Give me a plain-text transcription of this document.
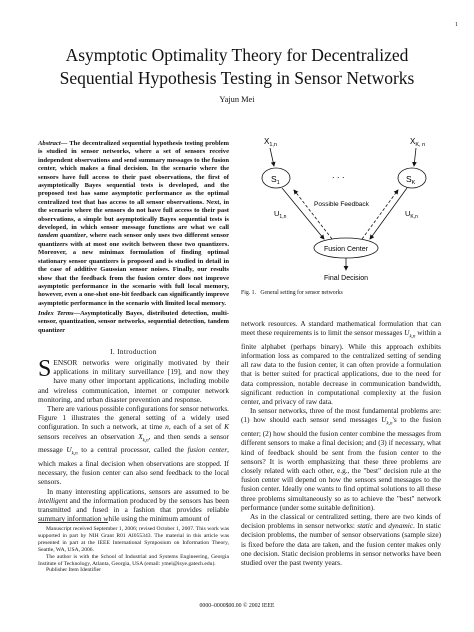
1
Asymptotic Optimality Theory for Decentralized
Sequential Hypothesis Testing in Sensor Networks
Yajun Mei
Abstract— The decentralized sequential hypothesis testing problem is studied in sensor networks, where a set of sensors receive independent observations and send summary messages to the fusion center, which makes a final decision. In the scenario where the sensors have full access to their past observations, the first of asymptotically Bayes sequential tests is developed, and the proposed test has same asymptotic performance as the optimal centralized test that has access to all sensor observations. Next, in the scenario where the sensors do not have full access to their past observations, a simple but asymptotically Bayes sequential tests is developed, in which sensor message functions are what we call tandem quantizer, where each sensor only uses two different sensor quantizers with at most one switch between these two quantizers. Moreover, a new minimax formulation of finding optimal stationary sensor quantizers is proposed and is studied in detail in the case of additive Gaussian sensor noises. Finally, our results show that the feedback from the fusion center does not improve asymptotic performance in the scenario with full local memory, however, even a one-shot one-bit feedback can significantly improve asymptotic performance in the scenario with limited local memory.
Index Terms—Asymptotically Bayes, distributed detection, multi-sensor, quantization, sensor networks, sequential detection, tandem quantizer
I. Introduction

SENSOR networks were originally motivated by their applications in military surveillance [19], and now they have many other important applications, including mobile and wireless communication, internet or computer network monitoring, and urban disaster prevention and response.

There are various possible configurations for sensor networks. Figure 1 illustrates the general setting of a widely used configuration. In such a network, at time n, each of a set of K sensors receives an observation $X_{k,n}$, and then sends a sensor message $U_{k,n}$ to a central processor, called the fusion center, which makes a final decision when observations are stopped. If necessary, the fusion center can also send feedback to the local sensors.

In many interesting applications, sensors are assumed to be intelligent and the information produced by the sensors has been transmitted and fused in a fashion that provides reliable summary information while using the minimum amount of

Manuscript received September 1, 2006; revised October 1, 2007. This work was supported in part by NIH Grant R01 AI055343. The material in this article was presented in part at the IEEE International Symposium on Information Theory, Seattle, WA, USA, 2006.

The author is with the School of Industrial and Systems Engineering, Georgia Institute of Technology, Atlanta, Georgia, USA (email: ymei@isye.gatech.edu).

Publisher Item Identifier

$X_{1,n}$	$X_{K, n}$
$S_1$	$S_K$
. . .
Possible Feedback
$U_{1,n}$	$U_{K,n}$
Fusion Center
Final Decision
Fig. 1. General setting for sensor networks

network resources. A standard mathematical formulation that can meet these requirements is to limit the sensor messages $U_{k,n}$ within a finite alphabet (perhaps binary). While this approach exhibits information loss as compared to the centralized setting of sending all raw data to the fusion center, it can often provide a formulation that is better suited for practical applications, due to the need for data compression, notable decrease in communication bandwidth, significant reduction in computational complexity at the fusion center, and privacy of raw data.

In sensor networks, three of the most fundamental problems are: (1) how should each sensor send messages $U_{k,n}'s$ to the fusion center; (2) how should the fusion center combine the messages from different sensors to make a final decision; and (3) if necessary, what kind of feedback should be sent from the fusion center to the sensors? It is worth emphasizing that these three problems are closely related with each other, e.g., the "best" decision rule at the fusion center will depend on how the sensors send messages to the fusion center. Ideally one wants to find optimal solutions to all these three problems simultaneously so as to achieve the "best" network performance (under some suitable definition).

As in the classical or centralized setting, there are two kinds of decision problems in sensor networks: static and dynamic. In static decision problems, the number of sensor observations (sample size) is fixed before the data are taken, and the fusion center makes only one decision. Static decision problems in sensor networks have been studied over the past twenty years.

0000–0000$00.00 © 2002 IEEE
